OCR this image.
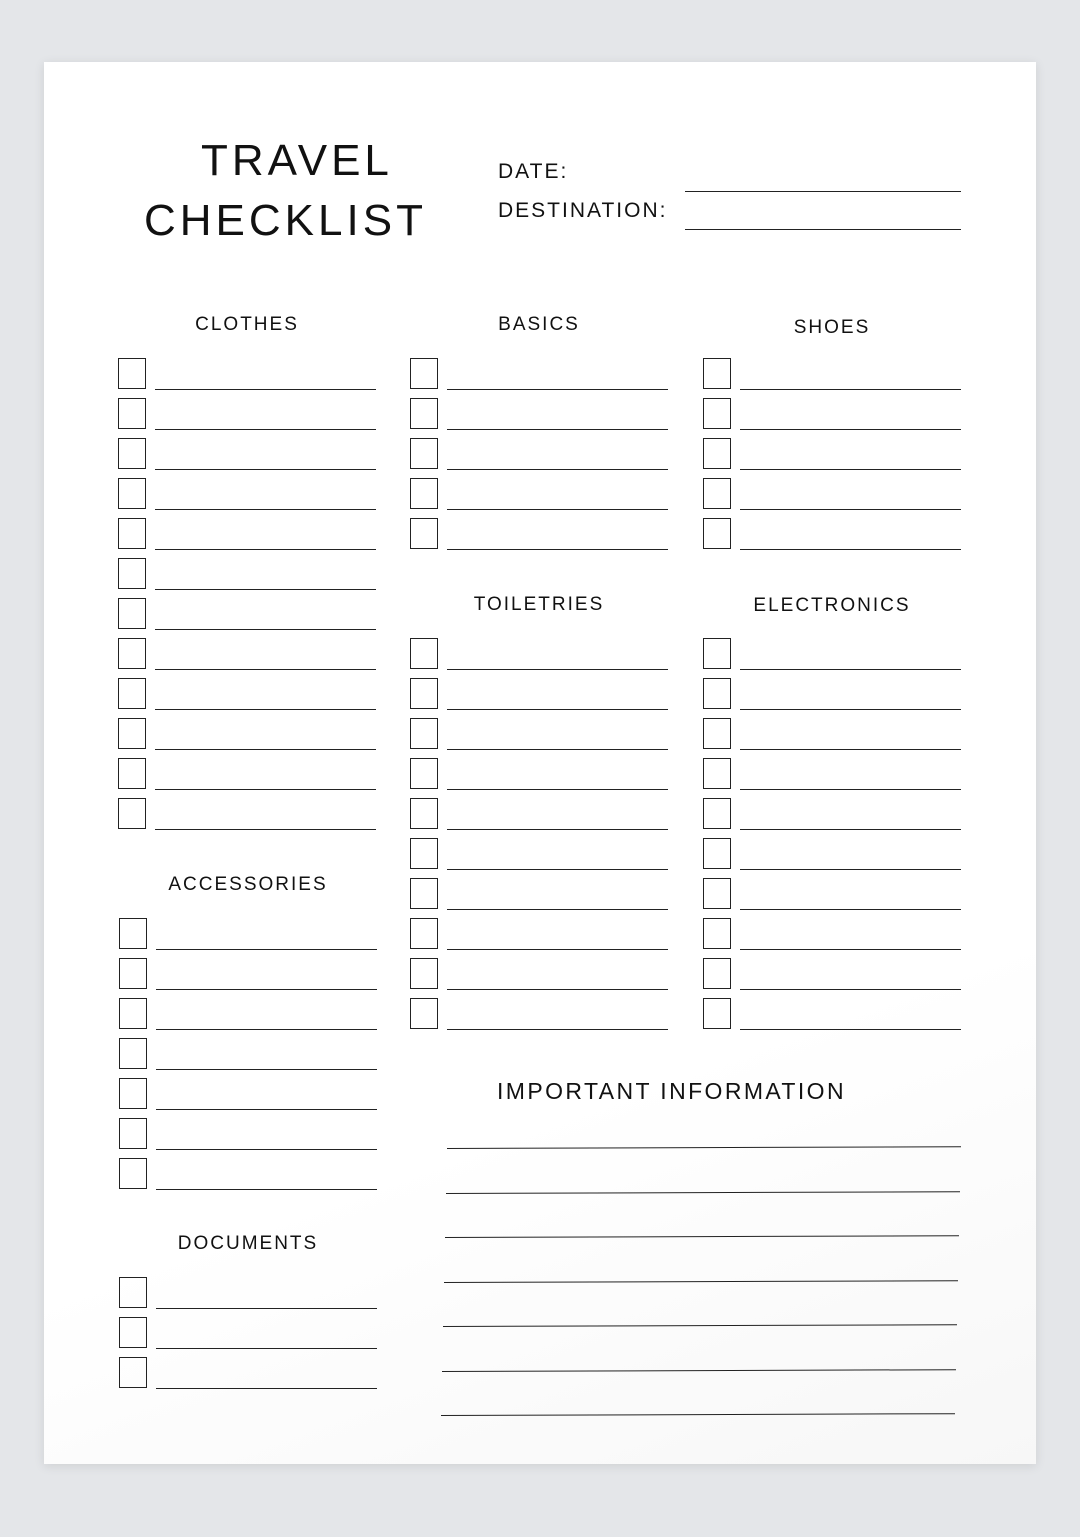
TRAVEL
CHECKLIST
DATE:
DESTINATION:
CLOTHES	BASICS	SHOES
TOILETRIES	ELECTRONICS
ACCESSORIES
DOCUMENTS
IMPORTANT INFORMATION
